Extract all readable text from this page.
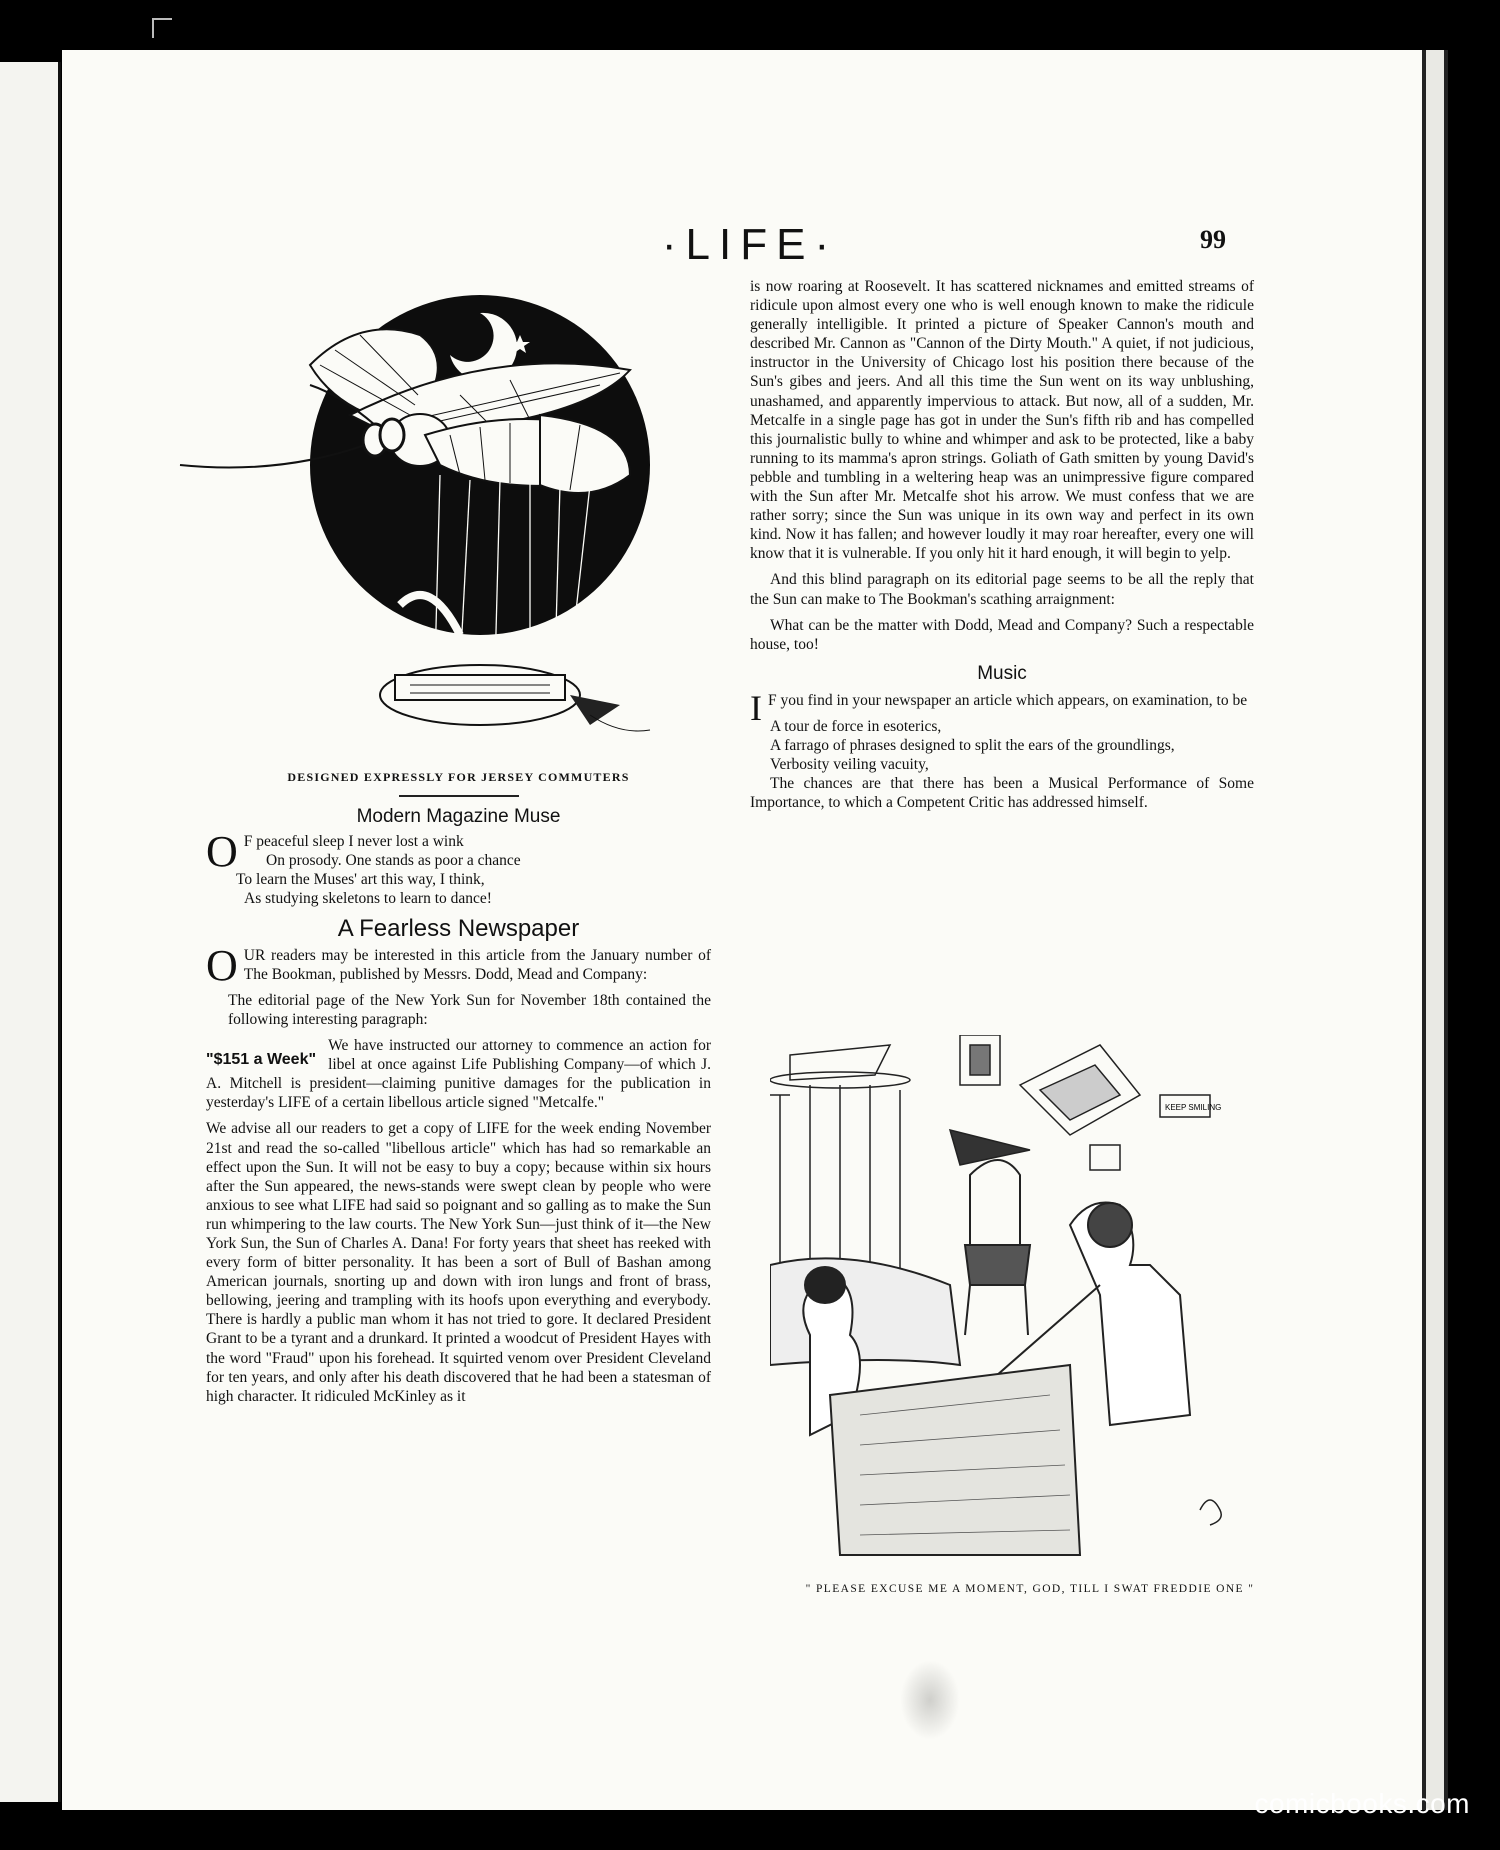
·LIFE·	99
DESIGNED EXPRESSLY FOR JERSEY COMMUTERS
Modern Magazine Muse
O F peaceful sleep I never lost a wink
On prosody. One stands as poor a chance
To learn the Muses' art this way, I think,
As studying skeletons to learn to dance!
A Fearless Newspaper

O UR readers may be interested in this article from the January number of The Bookman, published by Messrs. Dodd, Mead and Company:

The editorial page of the New York Sun for November 18th contained the following interesting paragraph:

"$151 a Week"
We have instructed our attorney to commence an action for libel at once against Life Publishing Company—of which J. A. Mitchell is president—claiming punitive damages for the publication in yesterday's LIFE of a certain libellous article signed "Metcalfe."

We advise all our readers to get a copy of LIFE for the week ending November 21st and read the so-called "libellous article" which has had so remarkable an effect upon the Sun. It will not be easy to buy a copy; because within six hours after the Sun appeared, the news-stands were swept clean by people who were anxious to see what LIFE had said so poignant and so galling as to make the Sun run whimpering to the law courts. The New York Sun—just think of it—the New York Sun, the Sun of Charles A. Dana! For forty years that sheet has reeked with every form of bitter personality. It has been a sort of Bull of Bashan among American journals, snorting up and down with iron lungs and front of brass, bellowing, jeering and trampling with its hoofs upon everything and everybody. There is hardly a public man whom it has not tried to gore. It declared President Grant to be a tyrant and a drunkard. It printed a woodcut of President Hayes with the word "Fraud" upon his forehead. It squirted venom over President Cleveland for ten years, and only after his death discovered that he had been a statesman of high character. It ridiculed McKinley as it

is now roaring at Roosevelt. It has scattered nicknames and emitted streams of ridicule upon almost every one who is well enough known to make the ridicule generally intelligible. It printed a picture of Speaker Cannon's mouth and described Mr. Cannon as "Cannon of the Dirty Mouth." A quiet, if not judicious, instructor in the University of Chicago lost his position there because of the Sun's gibes and jeers. And all this time the Sun went on its way unblushing, unashamed, and apparently impervious to attack. But now, all of a sudden, Mr. Metcalfe in a single page has got in under the Sun's fifth rib and has compelled this journalistic bully to whine and whimper and ask to be protected, like a baby running to its mamma's apron strings. Goliath of Gath smitten by young David's pebble and tumbling in a weltering heap was an unimpressive figure compared with the Sun after Mr. Metcalfe shot his arrow. We must confess that we are rather sorry; since the Sun was unique in its own way and perfect in its own kind. Now it has fallen; and however loudly it may roar hereafter, every one will know that it is vulnerable. If you only hit it hard enough, it will begin to yelp.

And this blind paragraph on its editorial page seems to be all the reply that the Sun can make to The Bookman's scathing arraignment:

What can be the matter with Dodd, Mead and Company? Such a respectable house, too!

Music

I F you find in your newspaper an article which appears, on examination, to be

A tour de force in esoterics,
A farrago of phrases designed to split the ears of the groundlings,
Verbosity veiling vacuity,

The chances are that there has been a Musical Performance of Some Importance, to which a Competent Critic has addressed himself.

KEEP SMILING
" PLEASE EXCUSE ME A MOMENT, GOD, TILL I SWAT FREDDIE ONE "
comicbooks.com
